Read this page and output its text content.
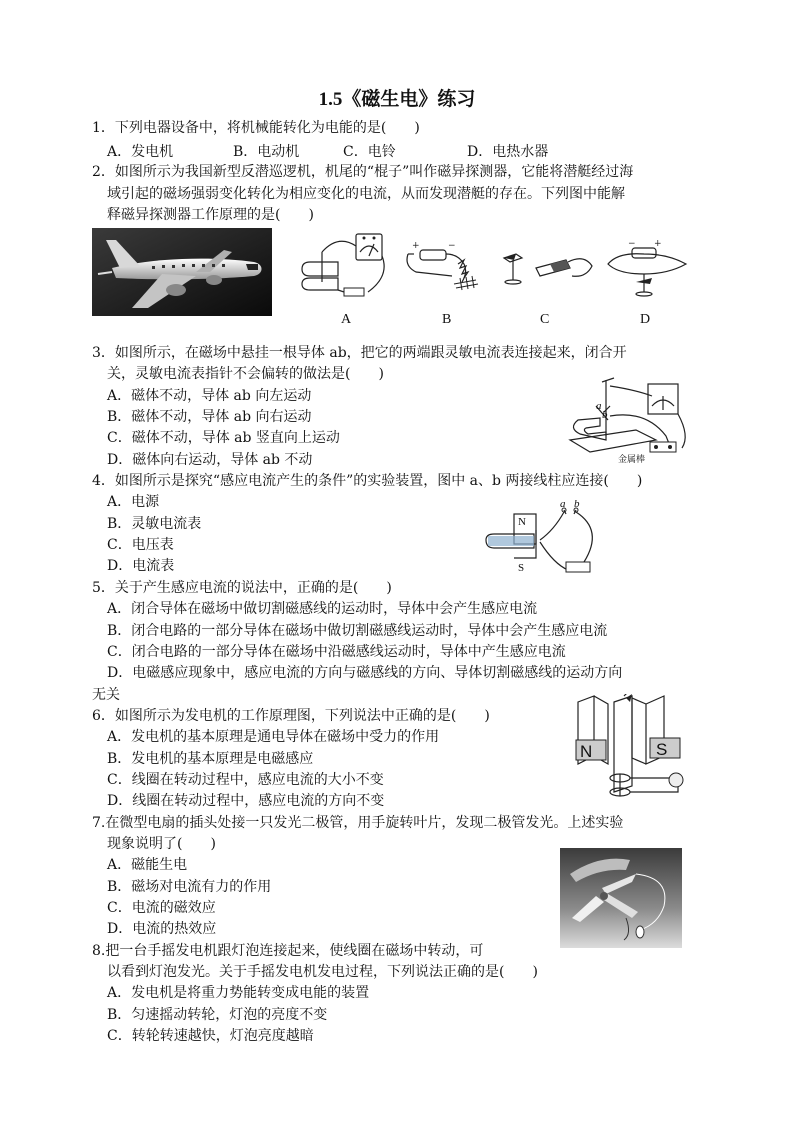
1.5《磁生电》练习
1．下列电器设备中，将机械能转化为电能的是(　　)
A．发电机	B．电动机	C．电铃	D．电热水器
2．如图所示为我国新型反潜巡逻机，机尾的“棍子”叫作磁异探测器，它能将潜艇经过海
域引起的磁场强弱变化转化为相应变化的电流，从而发现潜艇的存在。下列图中能解
释磁异探测器工作原理的是(　　)
+	−	− +
A	B	C	D
3．如图所示，在磁场中悬挂一根导体 ab，把它的两端跟灵敏电流表连接起来，闭合开
关，灵敏电流表指针不会偏转的做法是(　　)
A．磁体不动，导体 ab 向左运动
B．磁体不动，导体 ab 向右运动
C．磁体不动，导体 ab 竖直向上运动
D．磁体向右运动，导体 ab 不动
a
b
金属棒
4．如图所示是探究“感应电流产生的条件”的实验装置，图中 a、b 两接线柱应连接(　　)
A．电源
B．灵敏电流表
C．电压表
D．电流表
N
S
a b
5．关于产生感应电流的说法中，正确的是(　　)
A．闭合导体在磁场中做切割磁感线的运动时，导体中会产生感应电流
B．闭合电路的一部分导体在磁场中做切割磁感线运动时，导体中会产生感应电流
C．闭合电路的一部分导体在磁场中沿磁感线运动时，导体中产生感应电流
D．电磁感应现象中，感应电流的方向与磁感线的方向、导体切割磁感线的运动方向
无关
6．如图所示为发电机的工作原理图，下列说法中正确的是(　　)
A．发电机的基本原理是通电导体在磁场中受力的作用
B．发电机的基本原理是电磁感应
C．线圈在转动过程中，感应电流的大小不变
D．线圈在转动过程中，感应电流的方向不变
N	S
7.在微型电扇的插头处接一只发光二极管，用手旋转叶片，发现二极管发光。上述实验
现象说明了(　　)
A．磁能生电
B．磁场对电流有力的作用
C．电流的磁效应
D．电流的热效应
8.把一台手摇发电机跟灯泡连接起来，使线圈在磁场中转动，可
以看到灯泡发光。关于手摇发电机发电过程，下列说法正确的是(　　)
A．发电机是将重力势能转变成电能的装置
B．匀速摇动转轮，灯泡的亮度不变
C．转轮转速越快，灯泡亮度越暗
